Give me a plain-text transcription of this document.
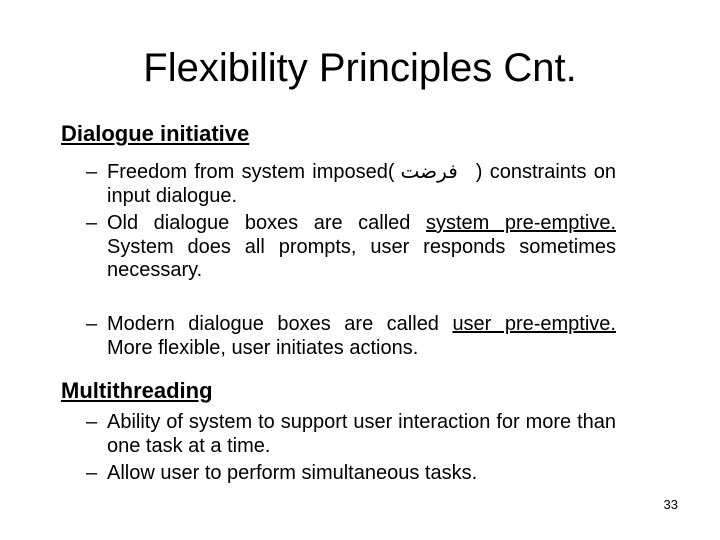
Flexibility Principles Cnt.
Dialogue initiative
– Freedom from system imposed( فرضت ) constraints on input dialogue.
– Old dialogue boxes are called system pre-emptive. System does all prompts, user responds sometimes necessary.
– Modern dialogue boxes are called user pre-emptive. More flexible, user initiates actions.
Multithreading
– Ability of system to support user interaction for more than one task at a time.
– Allow user to perform simultaneous tasks.
33
